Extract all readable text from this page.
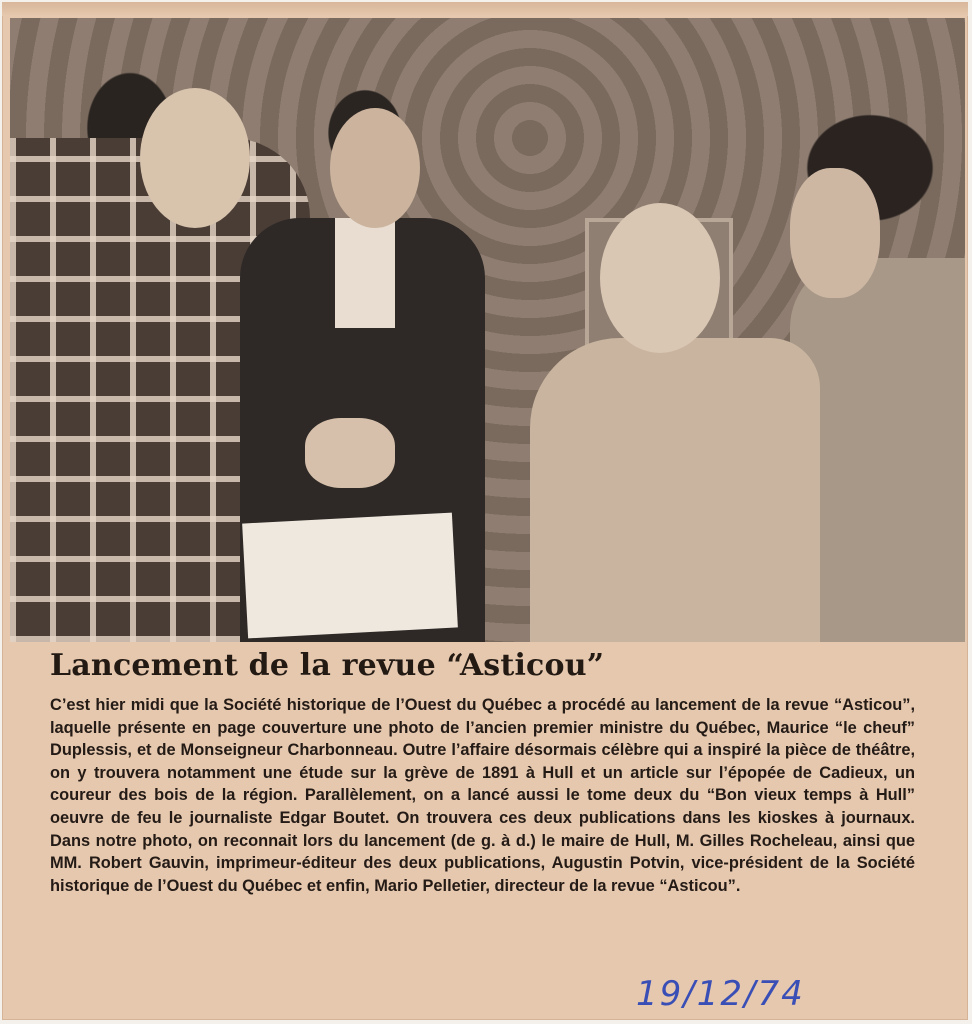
Lancement de la revue “Asticou”
C’est hier midi que la Société historique de l’Ouest du Québec a procédé au lancement de la revue “Asticou”, laquelle présente en page couverture une photo de l’ancien premier ministre du Québec, Maurice “le cheuf” Duplessis, et de Monseigneur Charbonneau. Outre l’affaire désormais célèbre qui a inspiré la pièce de théâtre, on y trouvera notamment une étude sur la grève de 1891 à Hull et un article sur l’épopée de Cadieux, un coureur des bois de la région. Parallèlement, on a lancé aussi le tome deux du “Bon vieux temps à Hull” oeuvre de feu le journaliste Edgar Boutet. On trouvera ces deux publications dans les kioskes à journaux. Dans notre photo, on reconnait lors du lancement (de g. à d.) le maire de Hull, M. Gilles Rocheleau, ainsi que MM. Robert Gauvin, imprimeur-éditeur des deux publications, Augustin Potvin, vice-président de la Société historique de l’Ouest du Québec et enfin, Mario Pelletier, directeur de la revue “Asticou”.
19/12/74
